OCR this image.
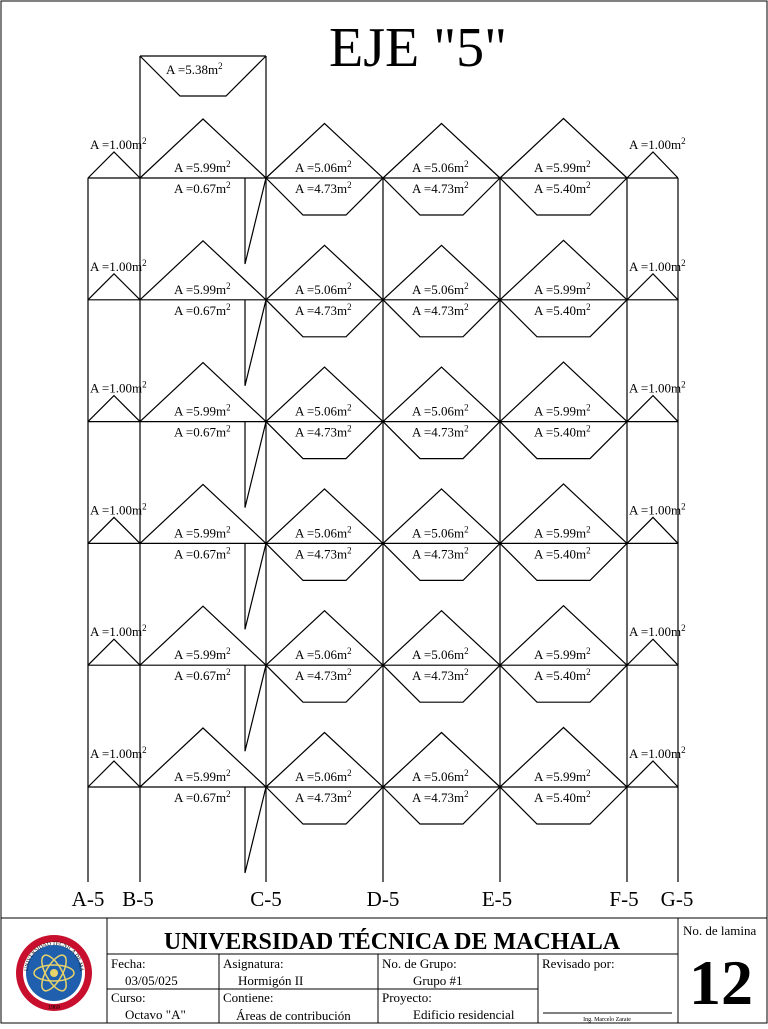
EJE "5"
$A =1.00m^2$	$A =1.00m^2$
$A =5.99m^2$	$A =5.06m^2$	$A =5.06m^2$	$A =5.99m^2$
$A =0.67m^2$	$A =4.73m^2$	$A =4.73m^2$	$A =5.40m^2$
$A =1.00m^2$	$A =1.00m^2$
$A =5.99m^2$	$A =5.06m^2$	$A =5.06m^2$	$A =5.99m^2$
$A =0.67m^2$	$A =4.73m^2$	$A =4.73m^2$	$A =5.40m^2$
$A =1.00m^2$	$A =1.00m^2$
$A =5.99m^2$	$A =5.06m^2$	$A =5.06m^2$	$A =5.99m^2$
$A =0.67m^2$	$A =4.73m^2$	$A =4.73m^2$	$A =5.40m^2$
$A =1.00m^2$	$A =1.00m^2$
$A =5.99m^2$	$A =5.06m^2$	$A =5.06m^2$	$A =5.99m^2$
$A =0.67m^2$	$A =4.73m^2$	$A =4.73m^2$	$A =5.40m^2$
$A =1.00m^2$	$A =1.00m^2$
$A =5.99m^2$	$A =5.06m^2$	$A =5.06m^2$	$A =5.99m^2$
$A =0.67m^2$	$A =4.73m^2$	$A =4.73m^2$	$A =5.40m^2$
$A =1.00m^2$	$A =1.00m^2$
$A =5.99m^2$	$A =5.06m^2$	$A =5.06m^2$	$A =5.99m^2$
$A =0.67m^2$	$A =4.73m^2$	$A =4.73m^2$	$A =5.40m^2$
A-5 B-5	C-5	D-5	E-5	F-5 G-5
$A =5.38m^2$
UNIVERSIDAD TÉCNICA DE MACHALA	No. de lamina
12
Fecha:
03/05/025
Asignatura:
Hormigón II
No. de Grupo:
Grupo #1
Revisado por:
Curso:
Octavo "A"
Contiene:
Áreas de contribución
Proyecto:
Edificio residencial	Ing. Marcelo Zarate
UNIVERSIDAD TÉCNICA DE MA
1969
